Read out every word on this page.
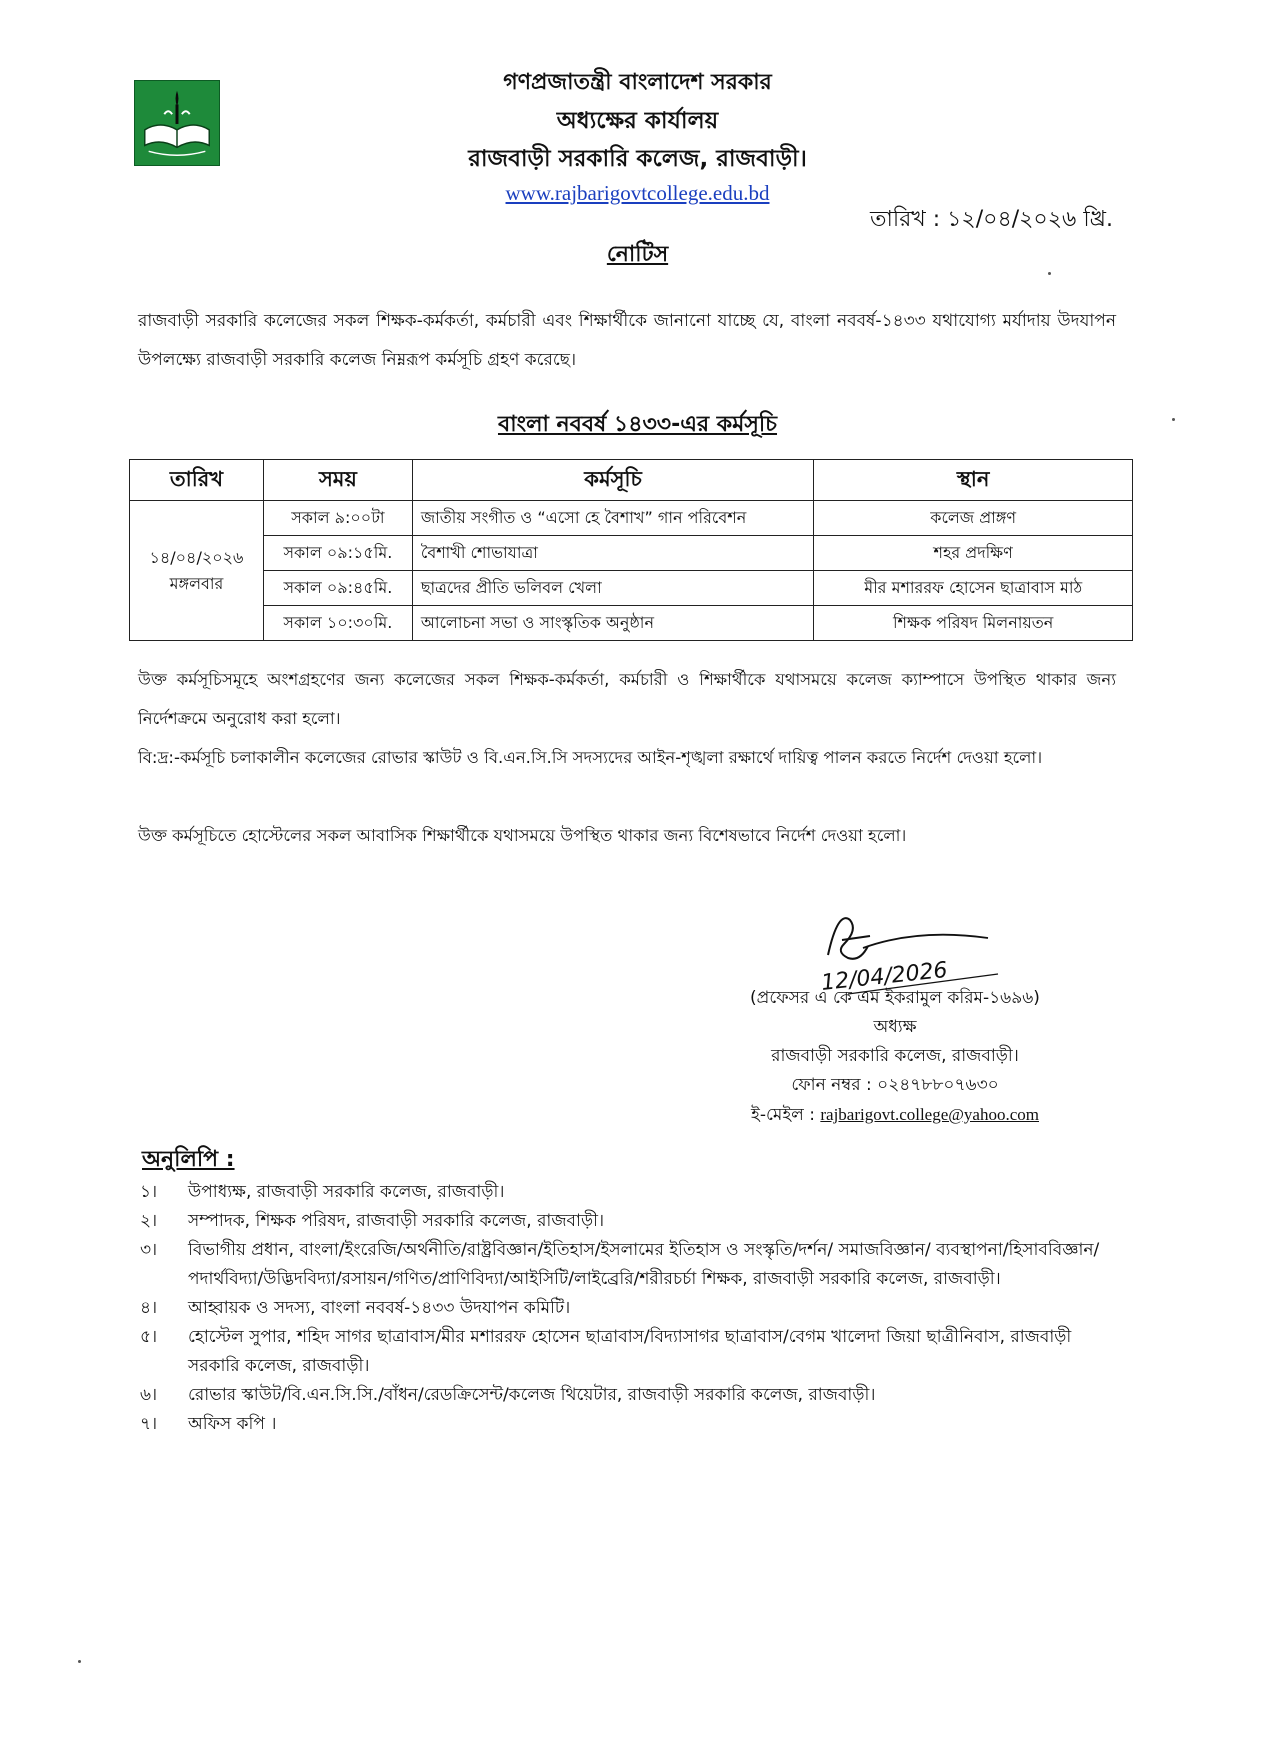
গণপ্রজাতন্ত্রী বাংলাদেশ সরকার
অধ্যক্ষের কার্যালয়
রাজবাড়ী সরকারি কলেজ, রাজবাড়ী।
www.rajbarigovtcollege.edu.bd
তারিখ : ১২/০৪/২০২৬ খ্রি.
নোটিস
রাজবাড়ী সরকারি কলেজের সকল শিক্ষক-কর্মকর্তা, কর্মচারী এবং শিক্ষার্থীকে জানানো যাচ্ছে যে, বাংলা নববর্ষ-১৪৩৩ যথাযোগ্য মর্যাদায় উদযাপন উপলক্ষ্যে রাজবাড়ী সরকারি কলেজ নিম্নরূপ কর্মসূচি গ্রহণ করেছে।
বাংলা নববর্ষ ১৪৩৩-এর কর্মসূচি
তারিখ	সময়	কর্মসূচি	স্থান

১৪/০৪/২০২৬
মঙ্গলবার	সকাল ৯:০০টা	জাতীয় সংগীত ও “এসো হে বৈশাখ” গান পরিবেশন	কলেজ প্রাঙ্গণ
	সকাল ০৯:১৫মি.	বৈশাখী শোভাযাত্রা	শহর প্রদক্ষিণ
	সকাল ০৯:৪৫মি.	ছাত্রদের প্রীতি ভলিবল খেলা	মীর মশাররফ হোসেন ছাত্রাবাস মাঠ
	সকাল ১০:৩০মি.	আলোচনা সভা ও সাংস্কৃতিক অনুষ্ঠান	শিক্ষক পরিষদ মিলনায়তন
উক্ত কর্মসূচিসমূহে অংশগ্রহণের জন্য কলেজের সকল শিক্ষক-কর্মকর্তা, কর্মচারী ও শিক্ষার্থীকে যথাসময়ে কলেজ ক্যাম্পাসে উপস্থিত থাকার জন্য নির্দেশক্রমে অনুরোধ করা হলো।
বি:দ্র:-কর্মসূচি চলাকালীন কলেজের রোভার স্কাউট ও বি.এন.সি.সি সদস্যদের আইন-শৃঙ্খলা রক্ষার্থে দায়িত্ব পালন করতে নির্দেশ দেওয়া হলো।
উক্ত কর্মসূচিতে হোস্টেলের সকল আবাসিক শিক্ষার্থীকে যথাসময়ে উপস্থিত থাকার জন্য বিশেষভাবে নির্দেশ দেওয়া হলো।
12/04/2026
(প্রফেসর এ কে এম ইকরামুল করিম-১৬৯৬)
অধ্যক্ষ
রাজবাড়ী সরকারি কলেজ, রাজবাড়ী।
ফোন নম্বর : ০২৪৭৮৮০৭৬৩০
ই-মেইল : rajbarigovt.college@yahoo.com
অনুলিপি :
১।	উপাধ্যক্ষ, রাজবাড়ী সরকারি কলেজ, রাজবাড়ী।
২।	সম্পাদক, শিক্ষক পরিষদ, রাজবাড়ী সরকারি কলেজ, রাজবাড়ী।
৩।	বিভাগীয় প্রধান, বাংলা/ইংরেজি/অর্থনীতি/রাষ্ট্রবিজ্ঞান/ইতিহাস/ইসলামের ইতিহাস ও সংস্কৃতি/দর্শন/ সমাজবিজ্ঞান/ ব্যবস্থাপনা/হিসাববিজ্ঞান/পদার্থবিদ্যা/উদ্ভিদবিদ্যা/রসায়ন/গণিত/প্রাণিবিদ্যা/আইসিটি/লাইব্রেরি/শরীরচর্চা শিক্ষক, রাজবাড়ী সরকারি কলেজ, রাজবাড়ী।
৪।	আহ্বায়ক ও সদস্য, বাংলা নববর্ষ-১৪৩৩ উদযাপন কমিটি।
৫।	হোস্টেল সুপার, শহিদ সাগর ছাত্রাবাস/মীর মশাররফ হোসেন ছাত্রাবাস/বিদ্যাসাগর ছাত্রাবাস/বেগম খালেদা জিয়া ছাত্রীনিবাস, রাজবাড়ী সরকারি কলেজ, রাজবাড়ী।
৬।	রোভার স্কাউট/বি.এন.সি.সি./বাঁধন/রেডক্রিসেন্ট/কলেজ থিয়েটার, রাজবাড়ী সরকারি কলেজ, রাজবাড়ী।
৭।	অফিস কপি ।
